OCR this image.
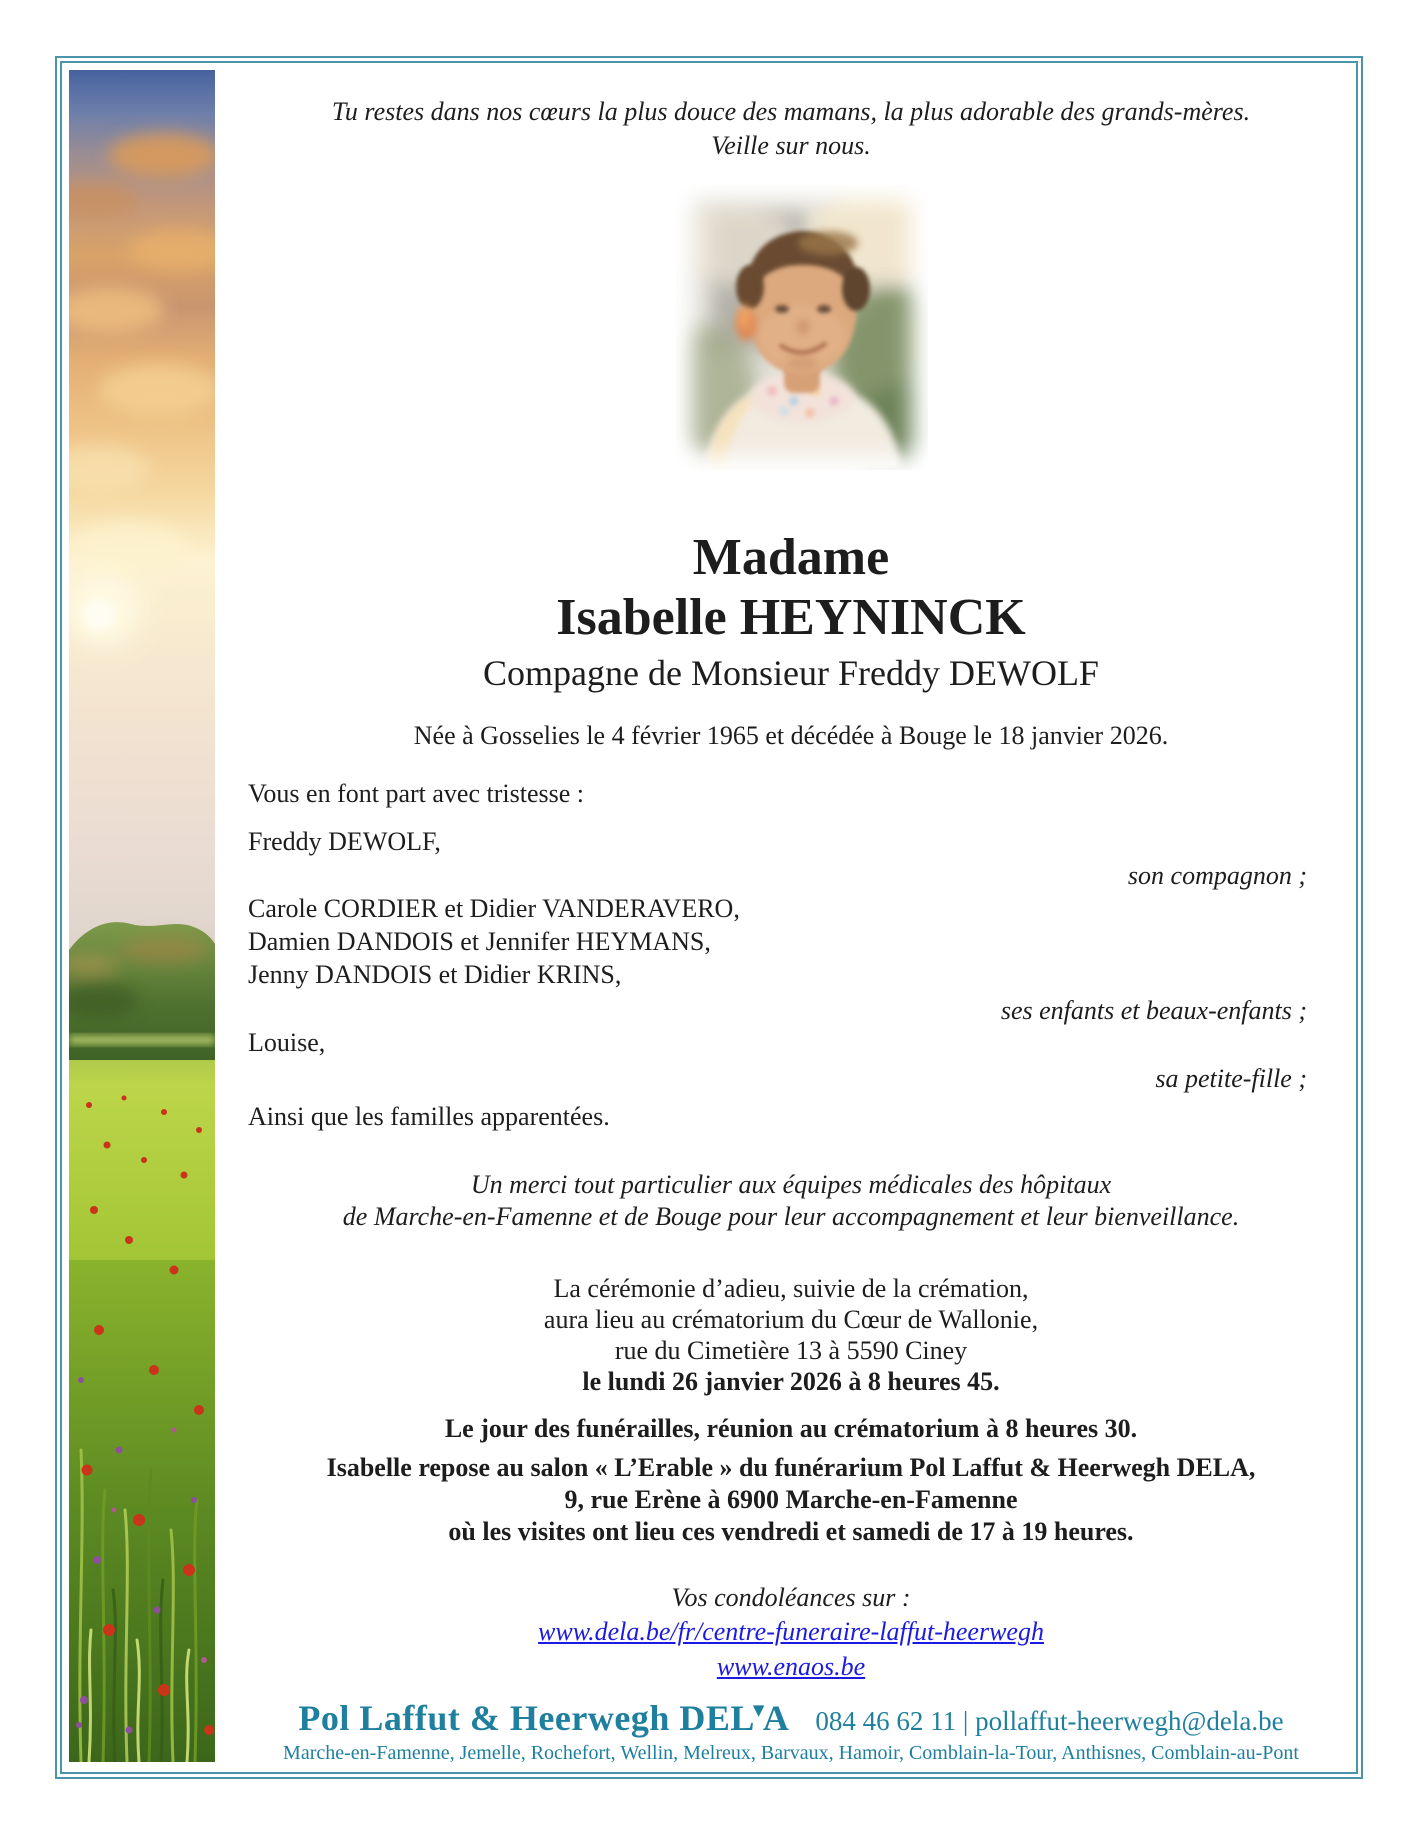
Tu restes dans nos cœurs la plus douce des mamans, la plus adorable des grands-mères.
Veille sur nous.
Madame
Isabelle HEYNINCK
Compagne de Monsieur Freddy DEWOLF
Née à Gosselies le 4 février 1965 et décédée à Bouge le 18 janvier 2026.
Vous en font part avec tristesse :
Freddy DEWOLF,
son compagnon ;
Carole CORDIER et Didier VANDERAVERO,
Damien DANDOIS et Jennifer HEYMANS,
Jenny DANDOIS et Didier KRINS,
ses enfants et beaux-enfants ;
Louise,
sa petite-fille ;
Ainsi que les familles apparentées.
Un merci tout particulier aux équipes médicales des hôpitaux
de Marche-en-Famenne et de Bouge pour leur accompagnement et leur bienveillance.
La cérémonie d’adieu, suivie de la crémation,
aura lieu au crématorium du Cœur de Wallonie,
rue du Cimetière 13 à 5590 Ciney
le lundi 26 janvier 2026 à 8 heures 45.
Le jour des funérailles, réunion au crématorium à 8 heures 30.
Isabelle repose au salon « L’Erable » du funérarium Pol Laffut & Heerwegh DELA,
9, rue Erène à 6900 Marche-en-Famenne
où les visites ont lieu ces vendredi et samedi de 17 à 19 heures.
Vos condoléances sur :
www.dela.be/fr/centre-funeraire-laffut-heerwegh
www.enaos.be
Pol Laffut & Heerwegh DEL▼A 084 46 62 11 | pollaffut-heerwegh@dela.be
Marche-en-Famenne, Jemelle, Rochefort, Wellin, Melreux, Barvaux, Hamoir, Comblain-la-Tour, Anthisnes, Comblain-au-Pont
